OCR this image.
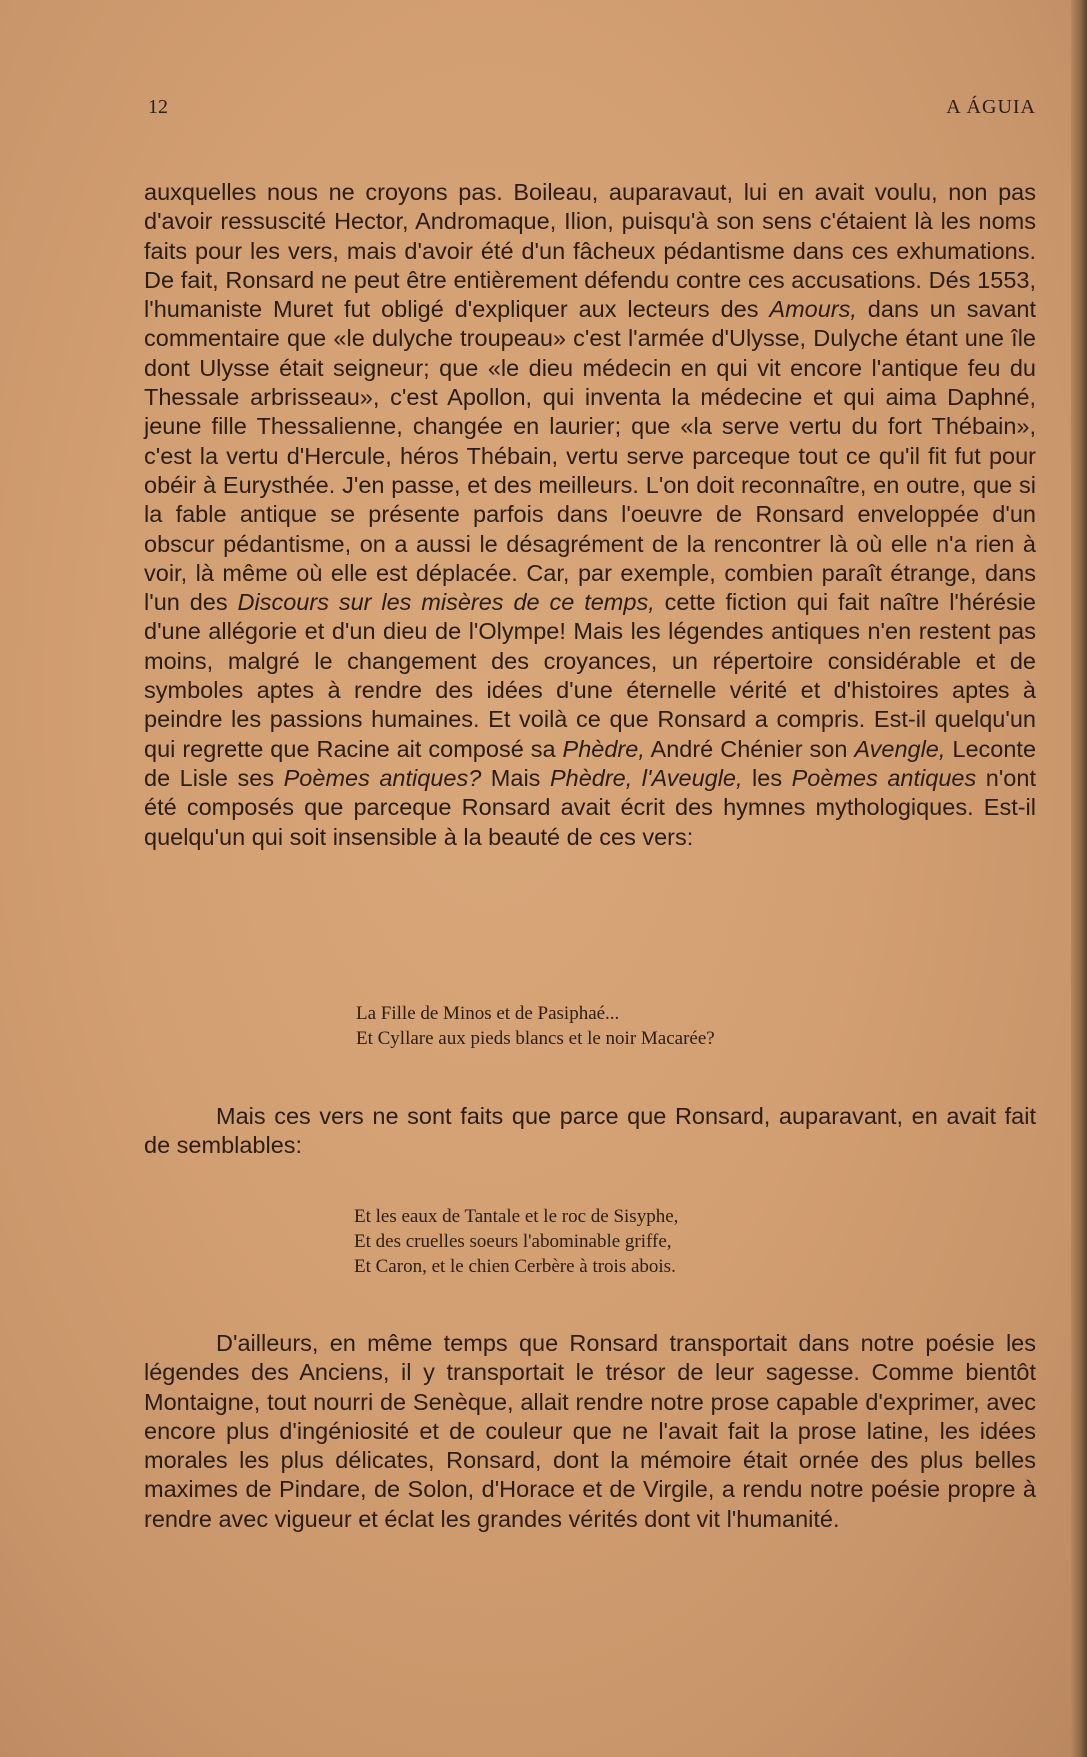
12	A ÁGUIA

auxquelles nous ne croyons pas. Boileau, auparavaut, lui en avait voulu, non pas d'avoir ressuscité Hector, Andromaque, Ilion, puisqu'à son sens c'étaient là les noms faits pour les vers, mais d'avoir été d'un fâcheux pédantisme dans ces exhumations. De fait, Ronsard ne peut être entièrement défendu contre ces accusations. Dés 1553, l'humaniste Muret fut obligé d'expliquer aux lecteurs des Amours, dans un savant commentaire que «le dulyche troupeau» c'est l'armée d'Ulysse, Dulyche étant une île dont Ulysse était seigneur; que «le dieu médecin en qui vit encore l'antique feu du Thessale arbrisseau», c'est Apollon, qui inventa la médecine et qui aima Daphné, jeune fille Thessalienne, changée en laurier; que «la serve vertu du fort Thébain», c'est la vertu d'Hercule, héros Thébain, vertu serve parceque tout ce qu'il fit fut pour obéir à Eurysthée. J'en passe, et des meilleurs. L'on doit reconnaître, en outre, que si la fable antique se présente parfois dans l'oeuvre de Ronsard enveloppée d'un obscur pédantisme, on a aussi le désagrément de la rencontrer là où elle n'a rien à voir, là même où elle est déplacée. Car, par exemple, combien paraît étrange, dans l'un des Discours sur les misères de ce temps, cette fiction qui fait naître l'hérésie d'une allégorie et d'un dieu de l'Olympe! Mais les légendes antiques n'en restent pas moins, malgré le changement des croyances, un répertoire considérable et de symboles aptes à rendre des idées d'une éternelle vérité et d'histoires aptes à peindre les passions humaines. Et voilà ce que Ronsard a compris. Est-il quelqu'un qui regrette que Racine ait composé sa Phèdre, André Chénier son Avengle, Leconte de Lisle ses Poèmes antiques? Mais Phèdre, l'Aveugle, les Poèmes antiques n'ont été composés que parceque Ronsard avait écrit des hymnes mythologiques. Est-il quelqu'un qui soit insensible à la beauté de ces vers:

La Fille de Minos et de Pasiphaé...
Et Cyllare aux pieds blancs et le noir Macarée?

Mais ces vers ne sont faits que parce que Ronsard, auparavant, en avait fait de semblables:

Et les eaux de Tantale et le roc de Sisyphe,
Et des cruelles soeurs l'abominable griffe,
Et Caron, et le chien Cerbère à trois abois.

D'ailleurs, en même temps que Ronsard transportait dans notre poésie les légendes des Anciens, il y transportait le trésor de leur sagesse. Comme bientôt Montaigne, tout nourri de Senèque, allait rendre notre prose capable d'exprimer, avec encore plus d'ingéniosité et de couleur que ne l'avait fait la prose latine, les idées morales les plus délicates, Ronsard, dont la mémoire était ornée des plus belles maximes de Pindare, de Solon, d'Horace et de Virgile, a rendu notre poésie propre à rendre avec vigueur et éclat les grandes vérités dont vit l'humanité.
